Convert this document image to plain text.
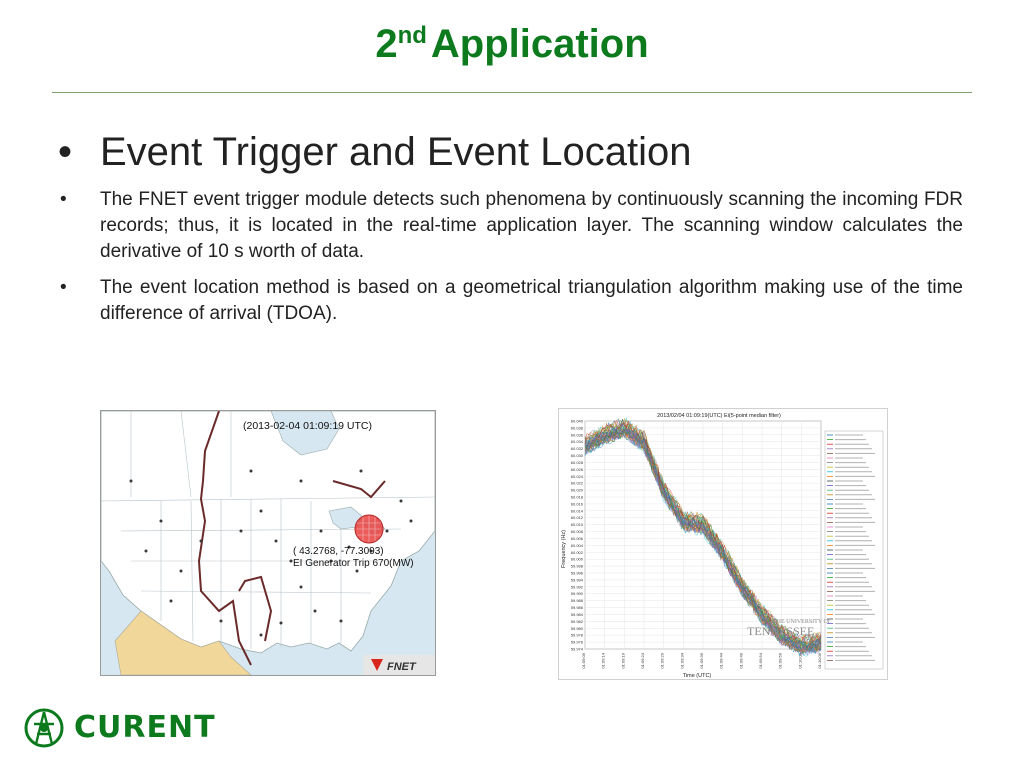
2nd Application
• Event Trigger and Event Location
• The FNET event trigger module detects such phenomena by continuously scanning the incoming FDR records; thus, it is located in the real-time application layer. The scanning window calculates the derivative of 10 s worth of data.
• The event location method is based on a geometrical triangulation algorithm making use of the time difference of arrival (TDOA).
(2013-02-04 01:09:19 UTC)
( 43.2768, -77.3093)
EI Generator Trip 670(MW)
FNET
2013/02/04 01:09:19(UTC) Ei(5-point median filter)
Frequency (Hz)
Time (UTC)
60.040
60.038
60.036
60.034
60.032
60.030
60.028
60.026
60.024
60.022
60.020
60.018
60.016
60.014
60.012
60.010
60.008
60.006
60.004
60.002
60.000
59.998
59.996
59.994
59.992
59.990
59.988
59.986
59.984
59.982
59.980
59.978
59.976
59.974
01:09:09	01:09:14	01:09:19	01:09:24	01:09:29	01:09:34	01:09:39	01:09:44	01:09:49	01:09:54	01:09:59	01:10:04	01:10:09
THE UNIVERSITY OF
TENNESSEE
CURENT
